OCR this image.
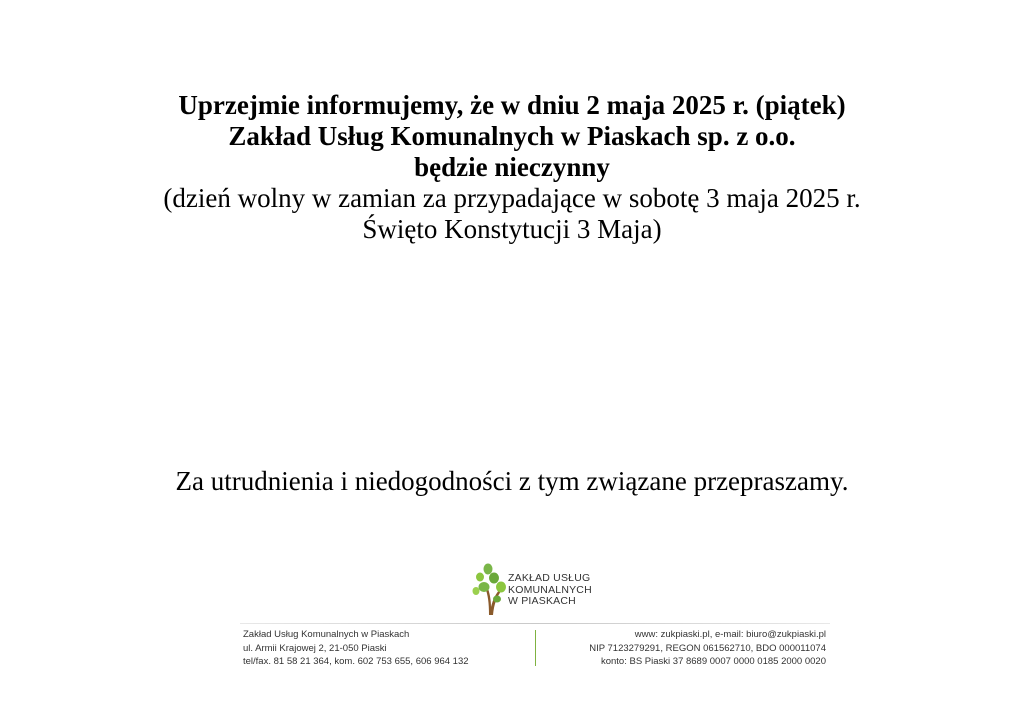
Uprzejmie informujemy, że w dniu 2 maja 2025 r. (piątek)
Zakład Usług Komunalnych w Piaskach sp. z o.o.
będzie nieczynny
(dzień wolny w zamian za przypadające w sobotę 3 maja 2025 r.
Święto Konstytucji 3 Maja)
Za utrudnienia i niedogodności z tym związane przepraszamy.
ZAKŁAD USŁUG
KOMUNALNYCH
W PIASKACH
Zakład Usług Komunalnych w Piaskach
ul. Armii Krajowej 2, 21-050 Piaski
tel/fax. 81 58 21 364, kom. 602 753 655, 606 964 132
www: zukpiaski.pl, e-mail: biuro@zukpiaski.pl
NIP 7123279291, REGON 061562710, BDO 000011074
konto: BS Piaski 37 8689 0007 0000 0185 2000 0020
